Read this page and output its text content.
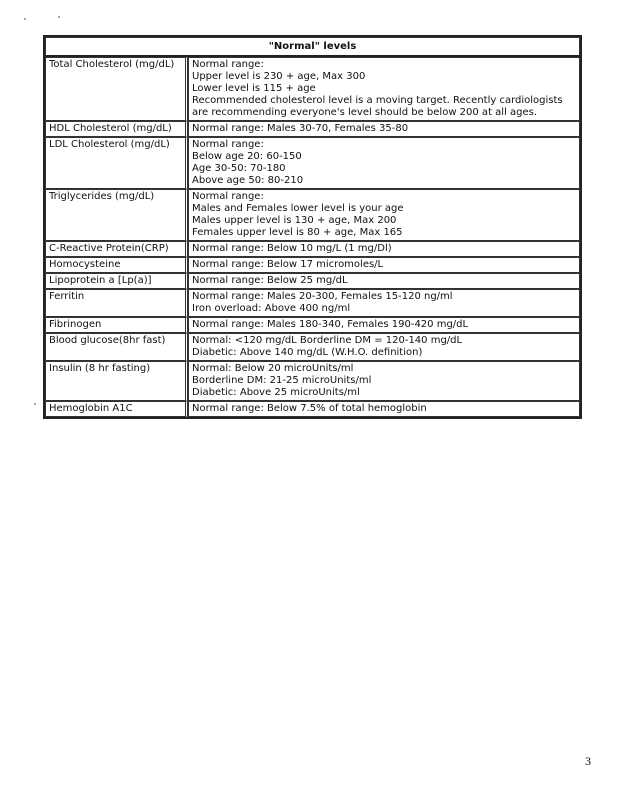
"Normal" levels	
Total Cholesterol (mg/dL)	Normal range:
Upper level is 230 + age, Max 300
Lower level is 115 + age
Recommended cholesterol level is a moving target. Recently cardiologists
are recommending everyone's level should be below 200 at all ages.

HDL Cholesterol (mg/dL)	Normal range: Males 30-70, Females 35-80

LDL Cholesterol (mg/dL)	Normal range:
Below age 20: 60-150
Age 30-50: 70-180
Above age 50: 80-210

Triglycerides (mg/dL)	Normal range:
Males and Females lower level is your age
Males upper level is 130 + age, Max 200
Females upper level is 80 + age, Max 165

C-Reactive Protein(CRP)	Normal range: Below 10 mg/L (1 mg/Dl)

Homocysteine	Normal range: Below 17 micromoles/L

Lipoprotein a [Lp(a)]	Normal range: Below 25 mg/dL

Ferritin	Normal range: Males 20-300, Females 15-120 ng/ml
Iron overload: Above 400 ng/ml

Fibrinogen	Normal range: Males 180-340, Females 190-420 mg/dL

Blood glucose(8hr fast)	Normal: <120 mg/dL Borderline DM = 120-140 mg/dL
Diabetic: Above 140 mg/dL (W.H.O. definition)

Insulin (8 hr fasting)	Normal: Below 20 microUnits/ml
Borderline DM: 21-25 microUnits/ml
Diabetic: Above 25 microUnits/ml

Hemoglobin A1C	Normal range: Below 7.5% of total hemoglobin
3
